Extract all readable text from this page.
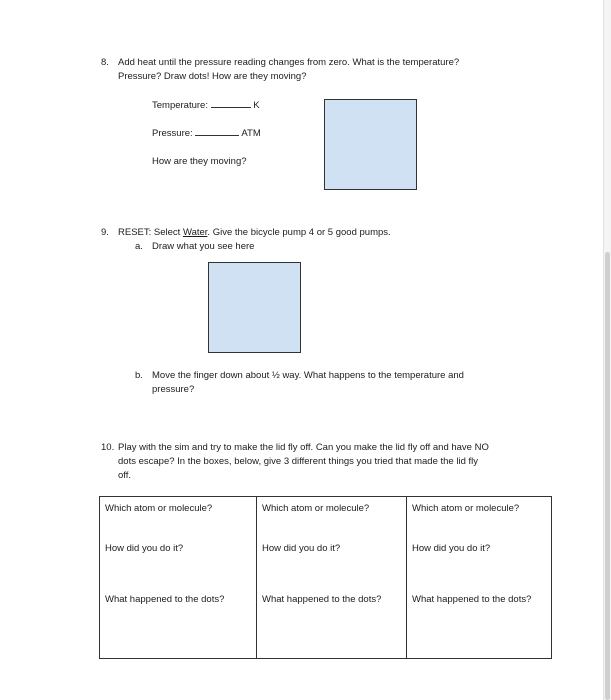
8. Add heat until the pressure reading changes from zero. What is the temperature?
Pressure? Draw dots! How are they moving?
Temperature:	K
Pressure:	ATM
How are they moving?
9. RESET: Select Water. Give the bicycle pump 4 or 5 good pumps.
a. Draw what you see here
b. Move the finger down about ½ way. What happens to the temperature and
pressure?
10. Play with the sim and try to make the lid fly off. Can you make the lid fly off and have NO
dots escape? In the boxes, below, give 3 different things you tried that made the lid fly
off.
Which atom or molecule?
How did you do it?
What happened to the dots?

Which atom or molecule?
How did you do it?
What happened to the dots?

Which atom or molecule?
How did you do it?
What happened to the dots?
